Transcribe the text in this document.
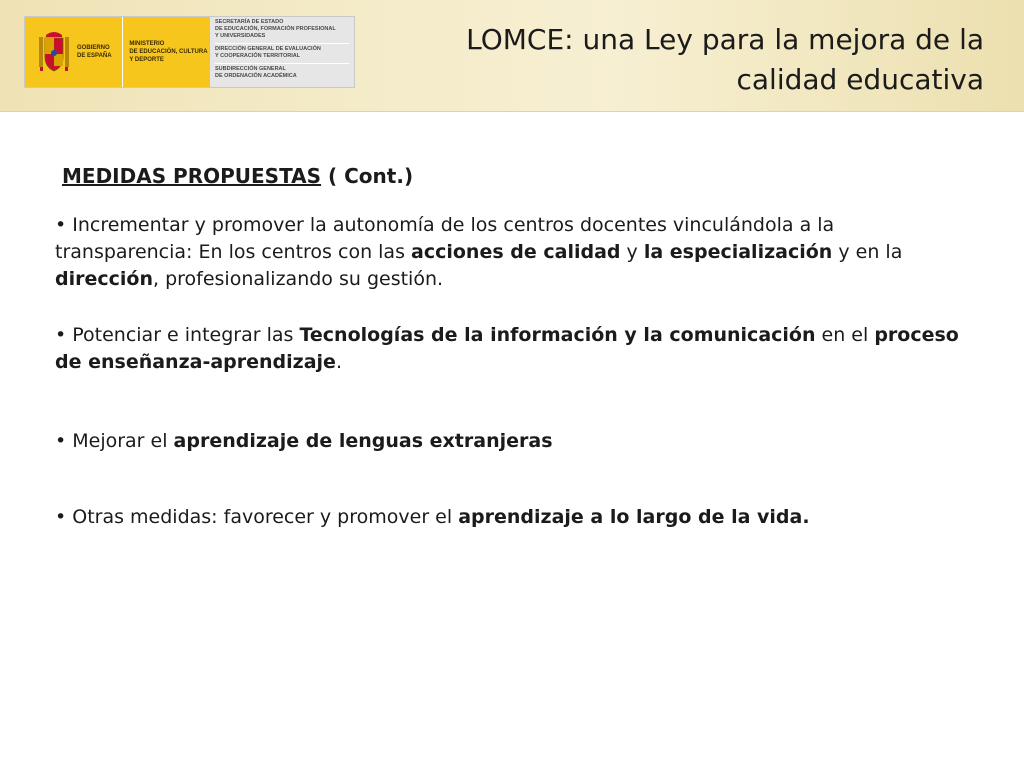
GOBIERNO
DE ESPAÑA
MINISTERIO
DE EDUCACIÓN, CULTURA
Y DEPORTE
SECRETARÍA DE ESTADO
DE EDUCACIÓN, FORMACIÓN PROFESIONAL
Y UNIVERSIDADES
DIRECCIÓN GENERAL DE EVALUACIÓN
Y COOPERACIÓN TERRITORIAL
SUBDIRECCIÓN GENERAL
DE ORDENACIÓN ACADÉMICA
LOMCE: una Ley para la mejora de la
calidad educativa
MEDIDAS PROPUESTAS ( Cont.)
• Incrementar y promover la autonomía de los centros docentes vinculándola a la transparencia: En los centros con las acciones de calidad y la especialización y en la dirección, profesionalizando su gestión.
• Potenciar e integrar las Tecnologías de la información y la comunicación en el proceso de enseñanza-aprendizaje.
• Mejorar el aprendizaje de lenguas extranjeras
• Otras medidas: favorecer y promover el aprendizaje a lo largo de la vida.
